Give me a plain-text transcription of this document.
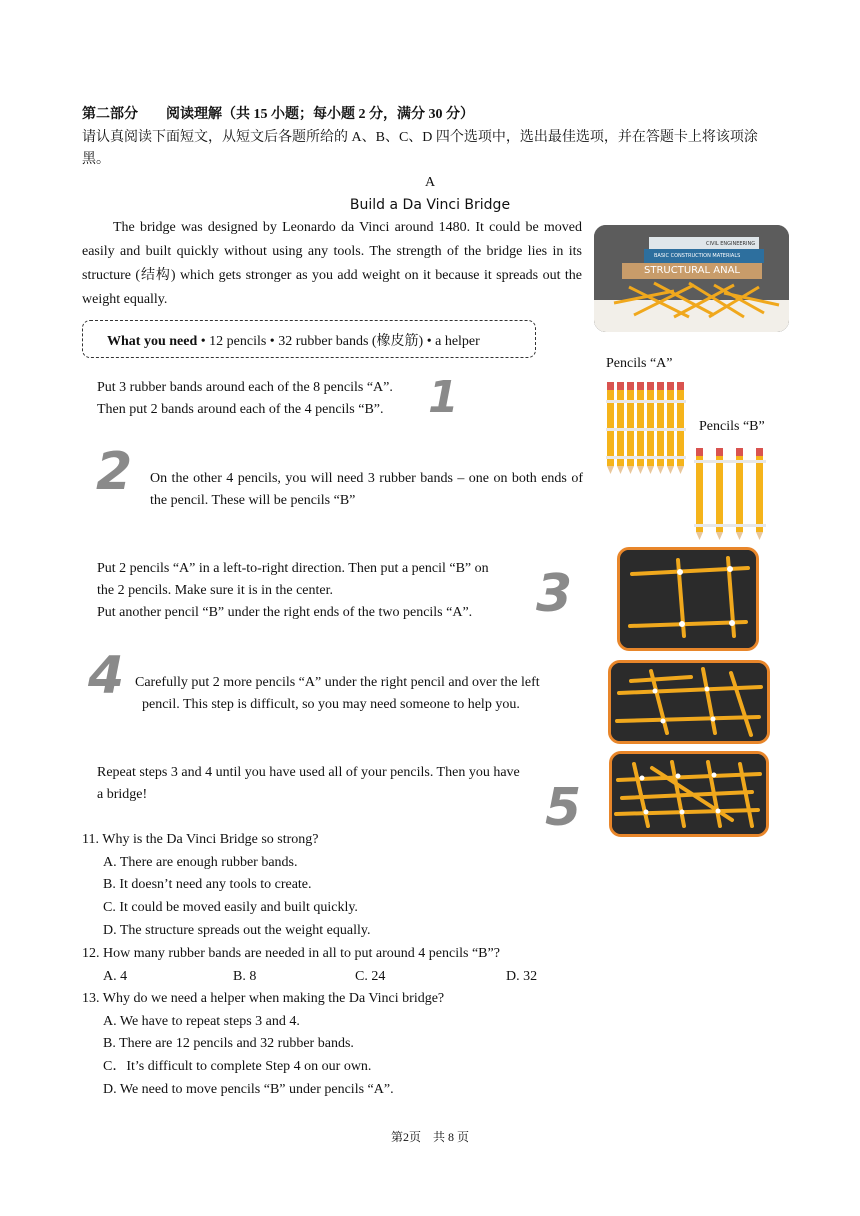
第二部分　　阅读理解（共 15 小题；每小题 2 分，满分 30 分）
请认真阅读下面短文，从短文后各题所给的 A、B、C、D 四个选项中，选出最佳选项，并在答题卡上将该项涂黑。
A
Build a Da Vinci Bridge
The bridge was designed by Leonardo da Vinci around 1480. It could be moved easily and built quickly without using any tools. The strength of the bridge lies in its structure (结构) which gets stronger as you add weight on it because it spreads out the weight equally.
CIVIL ENGINEERING
BASIC CONSTRUCTION MATERIALS
STRUCTURAL ANAL
What you need • 12 pencils • 32 rubber bands (橡皮筋) • a helper
Pencils “A”
Pencils “B”
Put 3 rubber bands around each of the 8 pencils “A”.
Then put 2 bands around each of the 4 pencils “B”.	1
2 On the other 4 pencils, you will need 3 rubber bands – one on both ends of the pencil. These will be pencils “B”
Put 2 pencils “A” in a left-to-right direction. Then put a pencil “B” on
the 2 pencils. Make sure it is in the center.
Put another pencil “B” under the right ends of the two pencils “A”.	3
4 Carefully put 2 more pencils “A” under the right pencil and over the left
pencil. This step is difficult, so you may need someone to help you.
Repeat steps 3 and 4 until you have used all of your pencils. Then you have
a bridge!	5
11. Why is the Da Vinci Bridge so strong?
A. There are enough rubber bands.
B. It doesn’t need any tools to create.
C. It could be moved easily and built quickly.
D. The structure spreads out the weight equally.
12. How many rubber bands are needed in all to put around 4 pencils “B”?
A. 4	B. 8	C. 24	D. 32
13. Why do we need a helper when making the Da Vinci bridge?
A. We have to repeat steps 3 and 4.
B. There are 12 pencils and 32 rubber bands.
C．It’s difficult to complete Step 4 on our own.
D. We need to move pencils “B” under pencils “A”.
第2页　共 8 页
